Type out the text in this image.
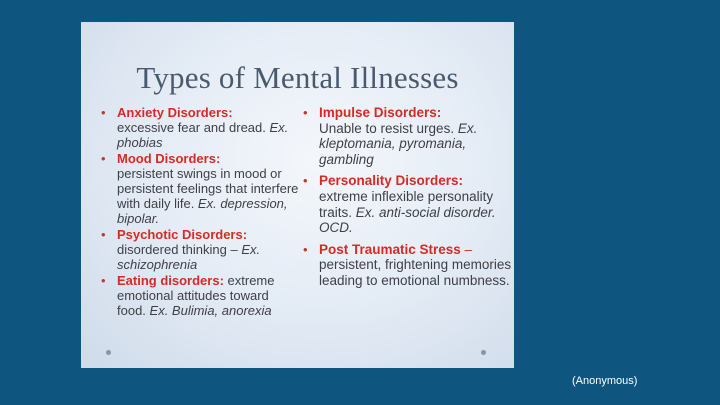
Types of Mental Illnesses
• Anxiety Disorders:
excessive fear and dread. Ex. phobias
• Mood Disorders:
persistent swings in mood or persistent feelings that interfere with daily life. Ex. depression, bipolar.
• Psychotic Disorders:
disordered thinking – Ex. schizophrenia
• Eating disorders: extreme
emotional attitudes toward food. Ex. Bulimia, anorexia
• Impulse Disorders:
Unable to resist urges. Ex. kleptomania, pyromania, gambling
• Personality Disorders:
extreme inflexible personality traits. Ex. anti-social disorder. OCD.
• Post Traumatic Stress –
persistent, frightening memories leading to emotional numbness.
(Anonymous)
